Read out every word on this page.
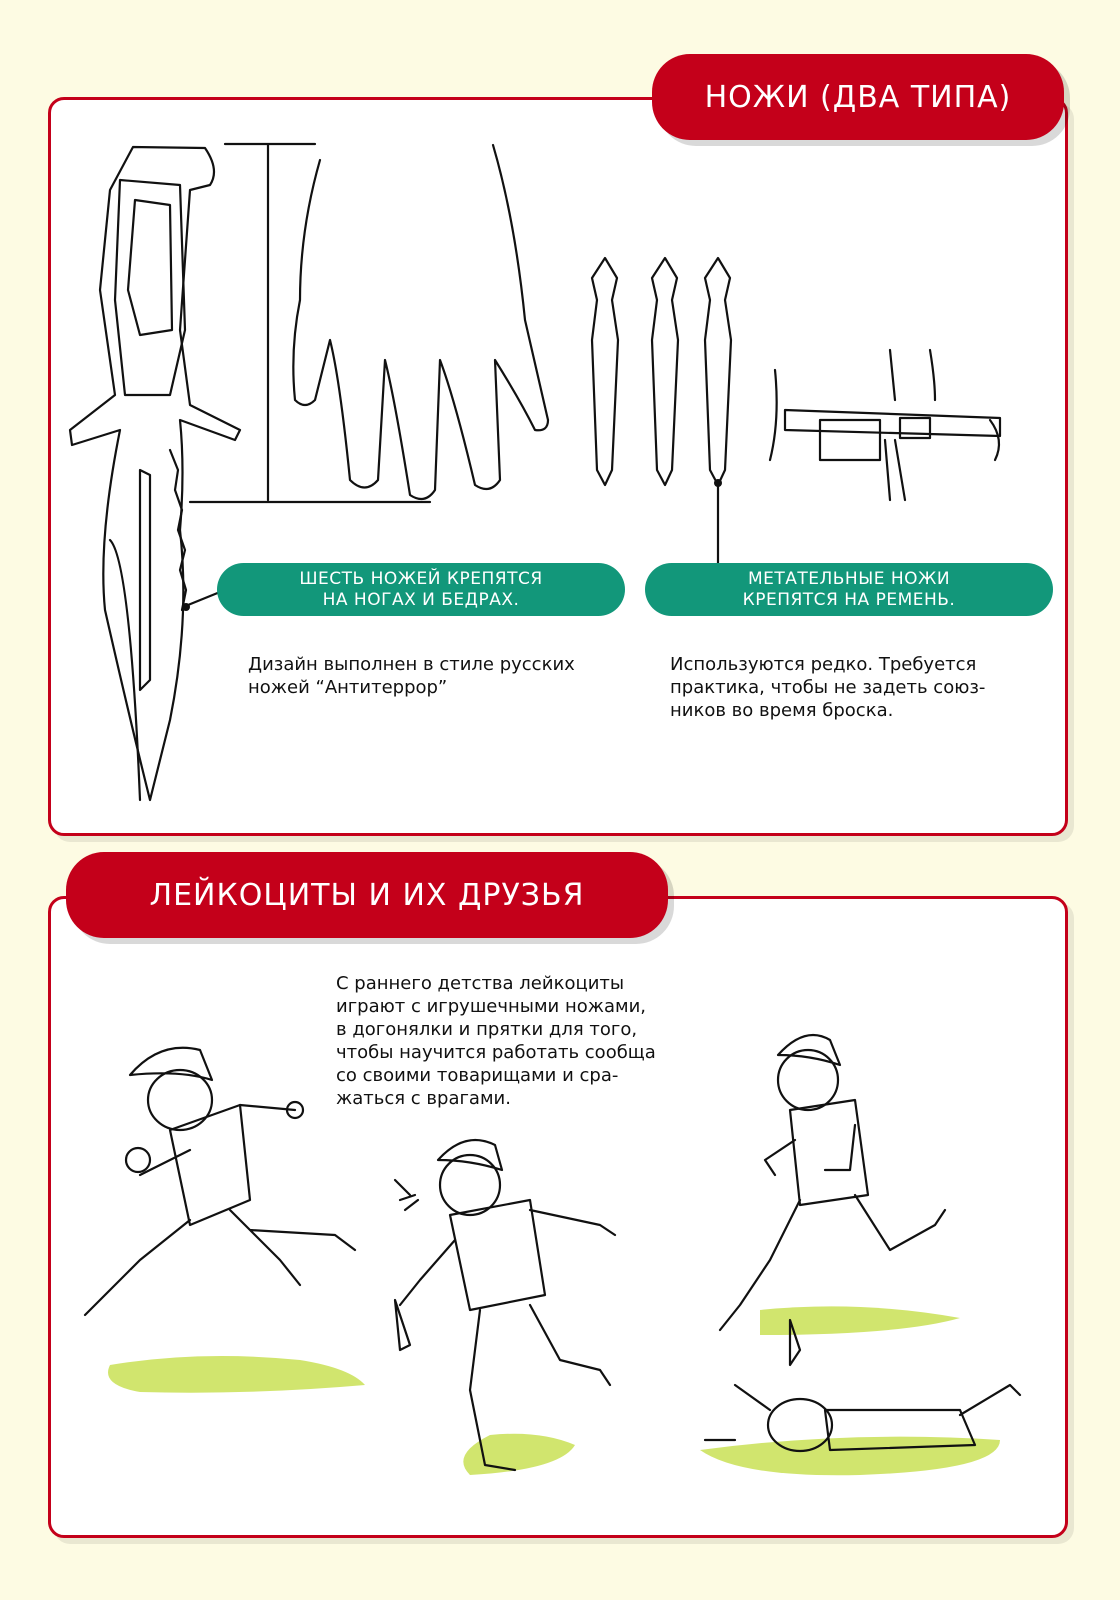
НОЖИ (ДВА ТИПА)
ШЕСТЬ НОЖЕЙ КРЕПЯТСЯ
НА НОГАХ И БЕДРАХ.
МЕТАТЕЛЬНЫЕ НОЖИ
КРЕПЯТСЯ НА РЕМЕНЬ.
Дизайн выполнен в стиле русских
ножей “Антитеррор”
Используются редко. Требуется
практика, чтобы не задеть союз-
ников во время броска.
ЛЕЙКОЦИТЫ И ИХ ДРУЗЬЯ
С раннего детства лейкоциты
играют с игрушечными ножами,
в догонялки и прятки для того,
чтобы научится работать сообща
со своими товарищами и сра-
жаться с врагами.
